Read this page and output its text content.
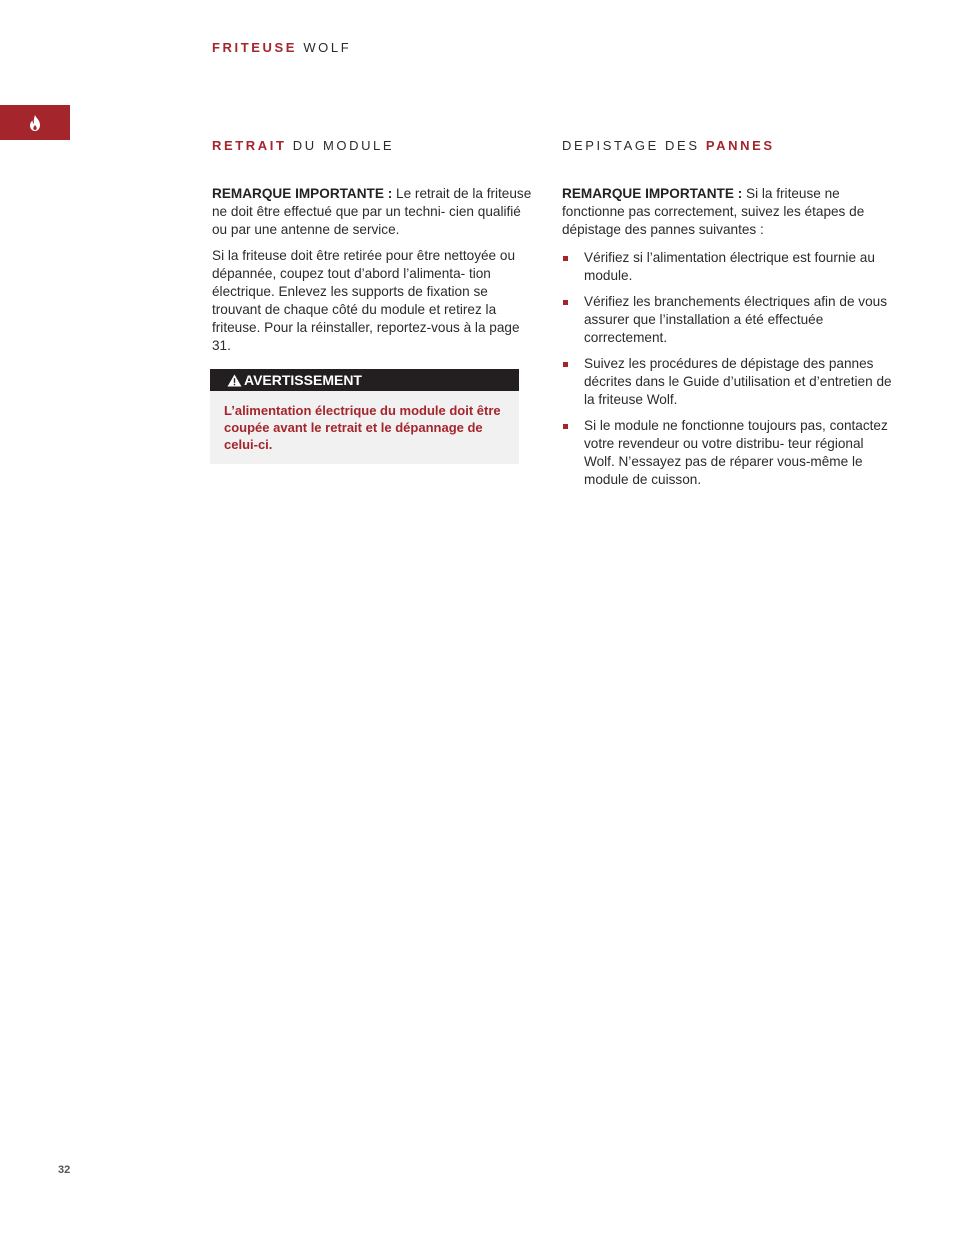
FRITEUSE WOLF
RETRAIT DU MODULE	DEPISTAGE DES PANNES

REMARQUE IMPORTANTE : Le retrait de la friteuse ne doit être effectué que par un techni- cien qualifié ou par une antenne de service.

Si la friteuse doit être retirée pour être nettoyée ou dépannée, coupez tout d’abord l’alimenta- tion électrique. Enlevez les supports de fixation se trouvant de chaque côté du module et retirez la friteuse. Pour la réinstaller, reportez-vous à la page 31.

AVERTISSEMENT
L’alimentation électrique du module doit être coupée avant le retrait et le dépannage de celui-ci.

REMARQUE IMPORTANTE : Si la friteuse ne fonctionne pas correctement, suivez les étapes de dépistage des pannes suivantes :

Vérifiez si l’alimentation électrique est fournie au module.
Vérifiez les branchements électriques afin de vous assurer que l’installation a été effectuée correctement.
Suivez les procédures de dépistage des pannes décrites dans le Guide d’utilisation et d’entretien de la friteuse Wolf.
Si le module ne fonctionne toujours pas, contactez votre revendeur ou votre distribu- teur régional Wolf. N’essayez pas de réparer vous-même le module de cuisson.
32
